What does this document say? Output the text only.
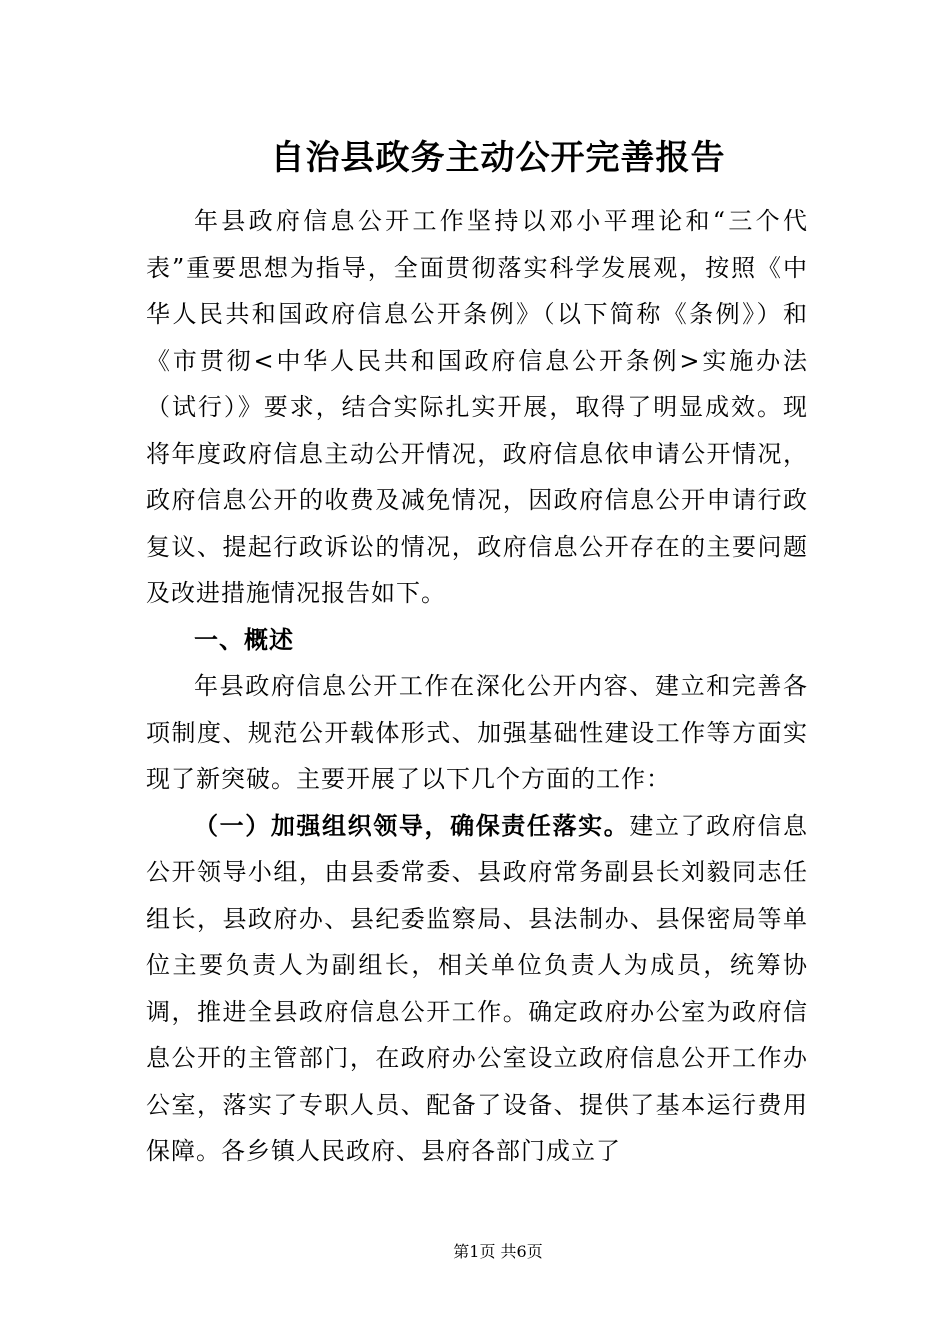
自治县政务主动公开完善报告

年县政府信息公开工作坚持以邓小平理论和“三个代表”重要思想为指导，全面贯彻落实科学发展观，按照《中华人民共和国政府信息公开条例》（以下简称《条例》）和《市贯彻<中华人民共和国政府信息公开条例>实施办法（试行）》要求，结合实际扎实开展，取得了明显成效。现将年度政府信息主动公开情况，政府信息依申请公开情况，政府信息公开的收费及减免情况，因政府信息公开申请行政复议、提起行政诉讼的情况，政府信息公开存在的主要问题及改进措施情况报告如下。

一、概述

年县政府信息公开工作在深化公开内容、建立和完善各项制度、规范公开载体形式、加强基础性建设工作等方面实现了新突破。主要开展了以下几个方面的工作：

（一）加强组织领导，确保责任落实。建立了政府信息公开领导小组，由县委常委、县政府常务副县长刘毅同志任组长，县政府办、县纪委监察局、县法制办、县保密局等单位主要负责人为副组长，相关单位负责人为成员，统筹协调，推进全县政府信息公开工作。确定政府办公室为政府信息公开的主管部门，在政府办公室设立政府信息公开工作办公室，落实了专职人员、配备了设备、提供了基本运行费用保障。各乡镇人民政府、县府各部门成立了

第1页 共6页
